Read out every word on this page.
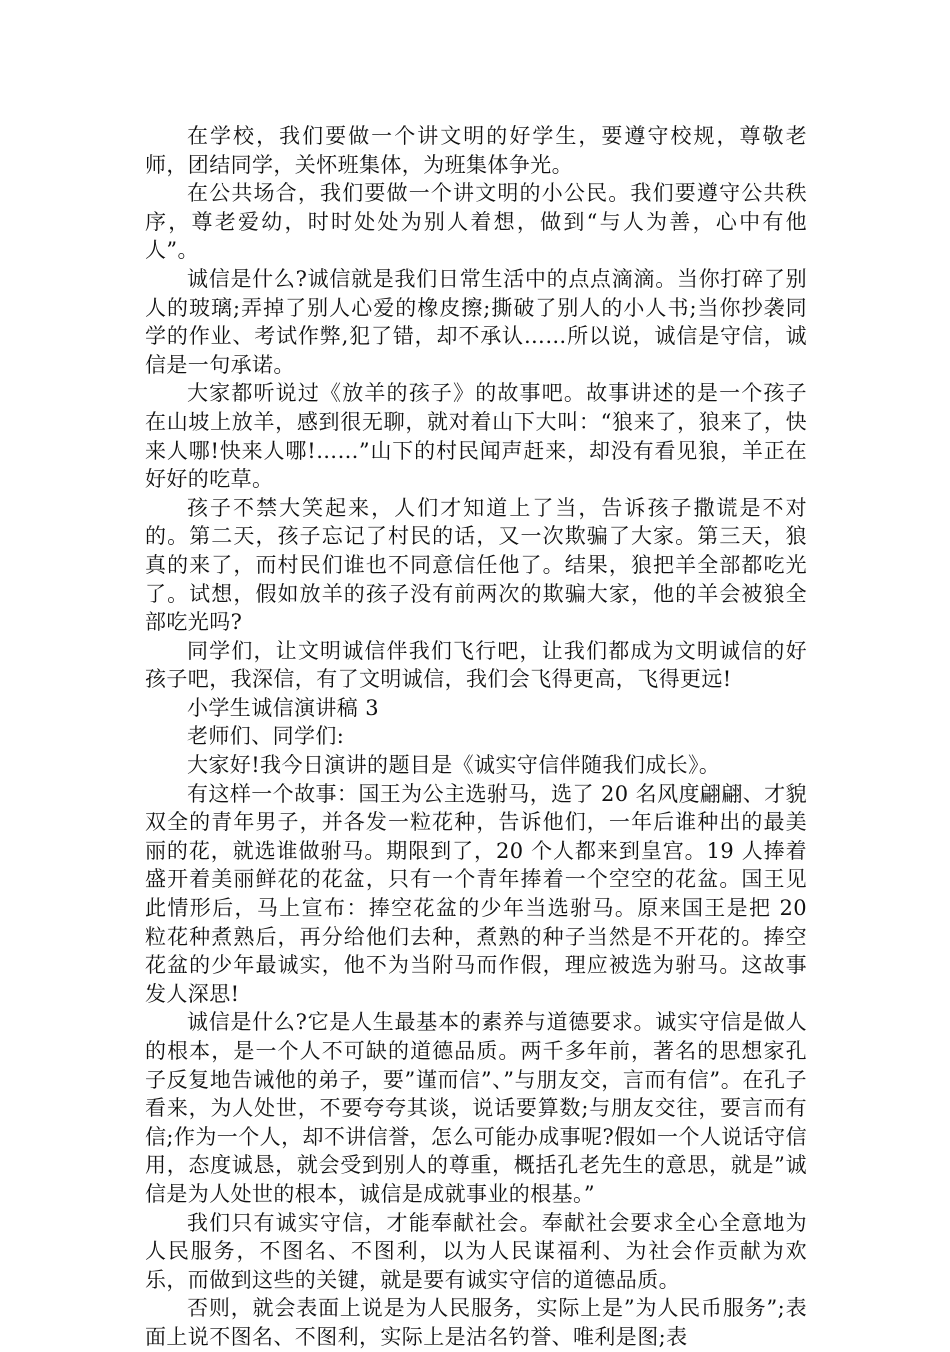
在学校，我们要做一个讲文明的好学生，要遵守校规，尊敬老师，团结同学，关怀班集体，为班集体争光。

在公共场合，我们要做一个讲文明的小公民。我们要遵守公共秩序，尊老爱幼，时时处处为别人着想，做到“与人为善，心中有他人”。

诚信是什么?诚信就是我们日常生活中的点点滴滴。当你打碎了别人的玻璃;弄掉了别人心爱的橡皮擦;撕破了别人的小人书;当你抄袭同学的作业、考试作弊,犯了错，却不承认……所以说，诚信是守信，诚信是一句承诺。

大家都听说过《放羊的孩子》的故事吧。故事讲述的是一个孩子在山坡上放羊，感到很无聊，就对着山下大叫：“狼来了，狼来了，快来人哪!快来人哪!……”山下的村民闻声赶来，却没有看见狼，羊正在好好的吃草。

孩子不禁大笑起来，人们才知道上了当，告诉孩子撒谎是不对的。第二天，孩子忘记了村民的话，又一次欺骗了大家。第三天，狼真的来了，而村民们谁也不同意信任他了。结果，狼把羊全部都吃光了。试想，假如放羊的孩子没有前两次的欺骗大家，他的羊会被狼全部吃光吗?

同学们，让文明诚信伴我们飞行吧，让我们都成为文明诚信的好孩子吧，我深信，有了文明诚信，我们会飞得更高，飞得更远!

小学生诚信演讲稿 3

老师们、同学们:

大家好!我今日演讲的题目是《诚实守信伴随我们成长》。

有这样一个故事：国王为公主选驸马，选了 20 名风度翩翩、才貌双全的青年男子，并各发一粒花种，告诉他们，一年后谁种出的最美丽的花，就选谁做驸马。期限到了，20 个人都来到皇宫。19 人捧着盛开着美丽鲜花的花盆，只有一个青年捧着一个空空的花盆。国王见此情形后，马上宣布：捧空花盆的少年当选驸马。原来国王是把 20 粒花种煮熟后，再分给他们去种，煮熟的种子当然是不开花的。捧空花盆的少年最诚实，他不为当附马而作假，理应被选为驸马。这故事发人深思!

诚信是什么?它是人生最基本的素养与道德要求。诚实守信是做人的根本，是一个人不可缺的道德品质。两千多年前，著名的思想家孔子反复地告诫他的弟子，要”谨而信”、”与朋友交，言而有信”。在孔子看来，为人处世，不要夸夸其谈，说话要算数;与朋友交往，要言而有信;作为一个人，却不讲信誉，怎么可能办成事呢?假如一个人说话守信用，态度诚恳，就会受到别人的尊重，概括孔老先生的意思，就是”诚信是为人处世的根本，诚信是成就事业的根基。”

我们只有诚实守信，才能奉献社会。奉献社会要求全心全意地为人民服务，不图名、不图利，以为人民谋福利、为社会作贡献为欢乐，而做到这些的关键，就是要有诚实守信的道德品质。

否则，就会表面上说是为人民服务，实际上是”为人民币服务”;表面上说不图名、不图利，实际上是沽名钓誉、唯利是图;表
